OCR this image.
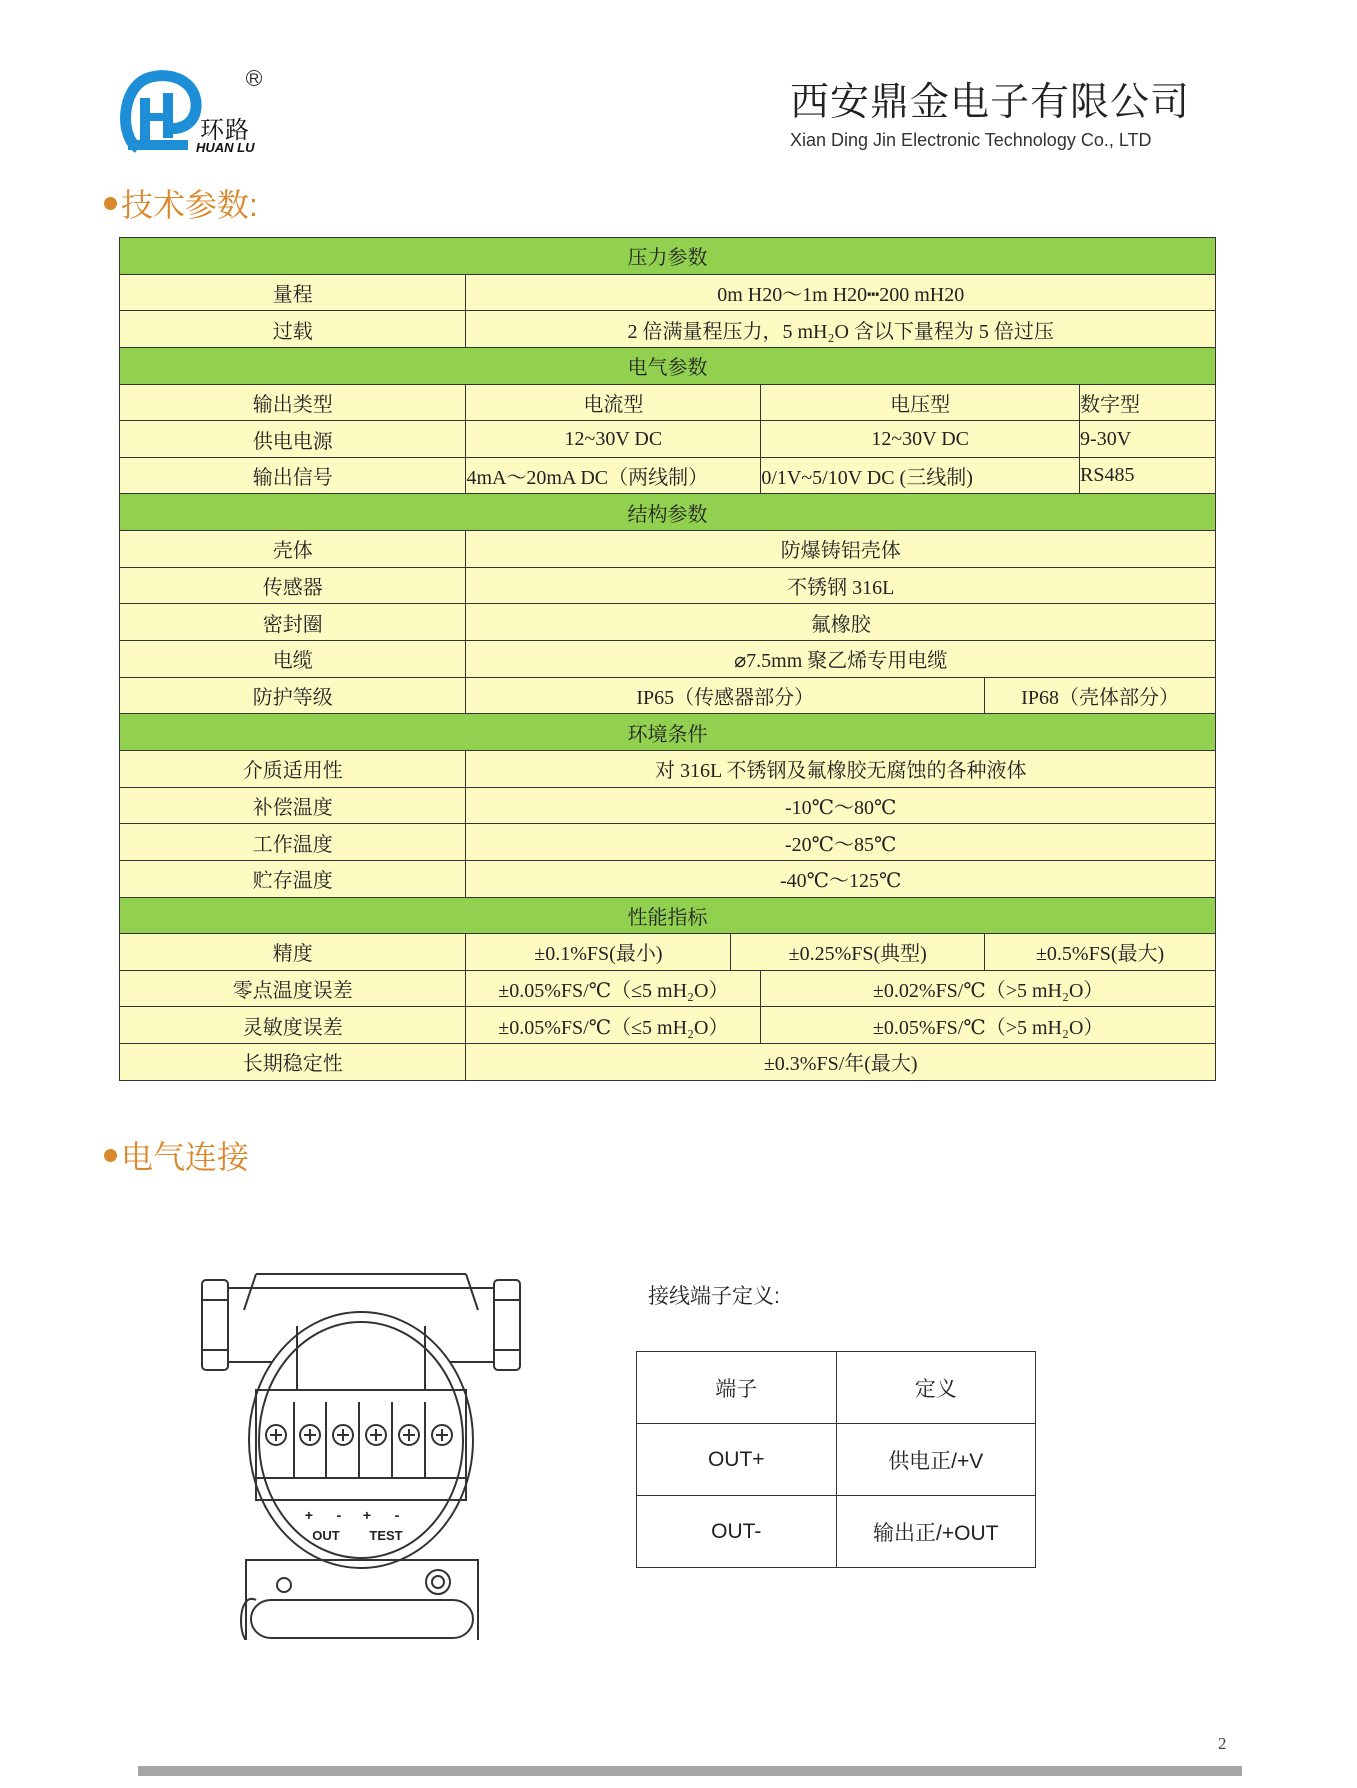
R
环路
HUAN LU
西安鼎金电子有限公司
Xian Ding Jin Electronic Technology Co., LTD
技术参数:
压力参数					
量程	0m H20～1m H20┅200 mH20				
过载	2 倍满量程压力，5 mH₂O 含以下量程为 5 倍过压				
电气参数					
输出类型	电流型		电压型		数字型
供电电源	12~30V DC		12~30V DC		9-30V
输出信号	4mA～20mA DC（两线制）		0/1V~5/10V DC (三线制)		RS485
结构参数					
壳体	防爆铸铝壳体				
传感器	不锈钢 316L				
密封圈	氟橡胶				
电缆	⌀7.5mm 聚乙烯专用电缆				
防护等级	IP65（传感器部分）			IP68（壳体部分）	
环境条件					
介质适用性	对 316L 不锈钢及氟橡胶无腐蚀的各种液体				
补偿温度	-10℃～80℃				
工作温度	-20℃～85℃				
贮存温度	-40℃～125℃				
性能指标					
精度	±0.1%FS(最小)	±0.25%FS(典型)		±0.5%FS(最大)	
零点温度误差	±0.05%FS/℃（≤5 mH₂O）		±0.02%FS/℃（>5 mH₂O）		
灵敏度误差	±0.05%FS/℃（≤5 mH₂O）		±0.05%FS/℃（>5 mH₂O）		
长期稳定性	±0.3%FS/年(最大)				
电气连接
+ - + -
OUT TEST
接线端子定义:
端子	定义
OUT+	供电正/+V
OUT-	输出正/+OUT
2
